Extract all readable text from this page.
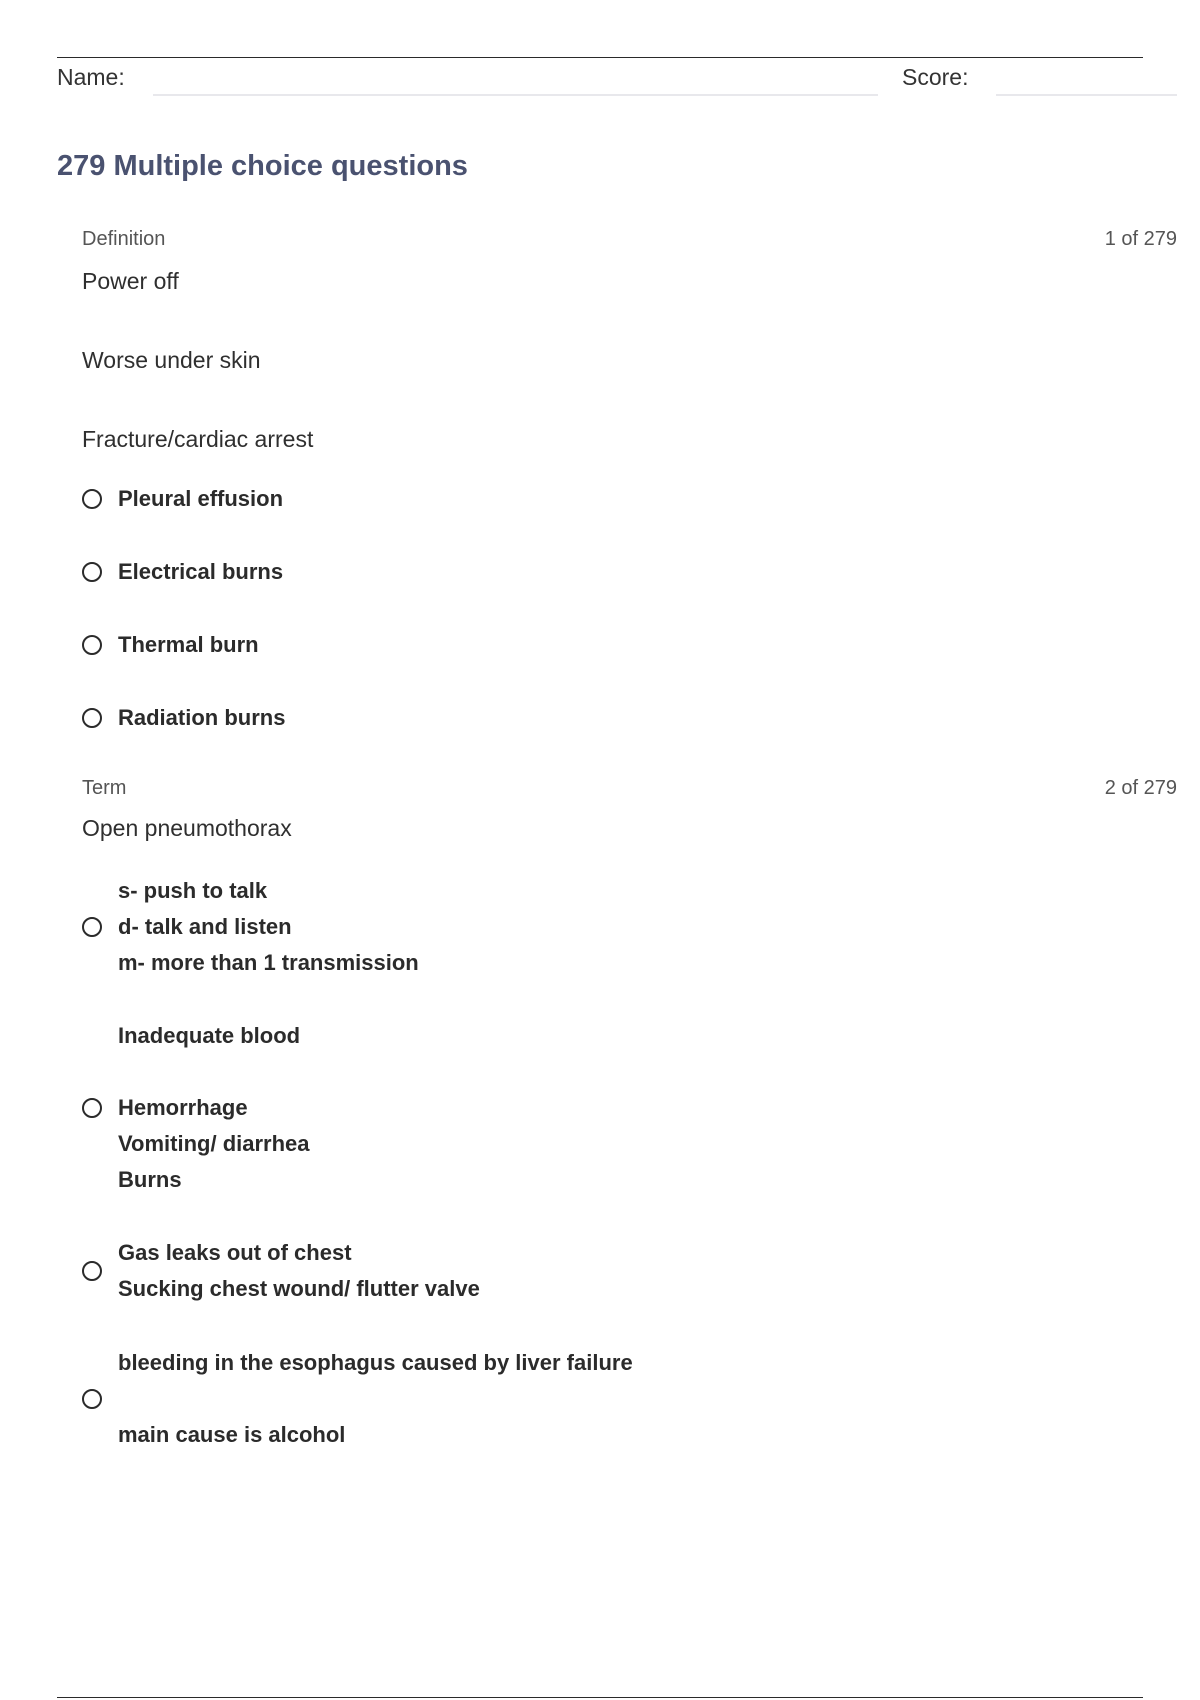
Name:	Score:
279 Multiple choice questions
Definition	1 of 279
Power off
Worse under skin
Fracture/cardiac arrest
Pleural effusion
Electrical burns
Thermal burn
Radiation burns
Term	2 of 279
Open pneumothorax
s- push to talk
d- talk and listen
m- more than 1 transmission
Inadequate blood
Hemorrhage
Vomiting/ diarrhea
Burns
Gas leaks out of chest
Sucking chest wound/ flutter valve
bleeding in the esophagus caused by liver failure
main cause is alcohol
